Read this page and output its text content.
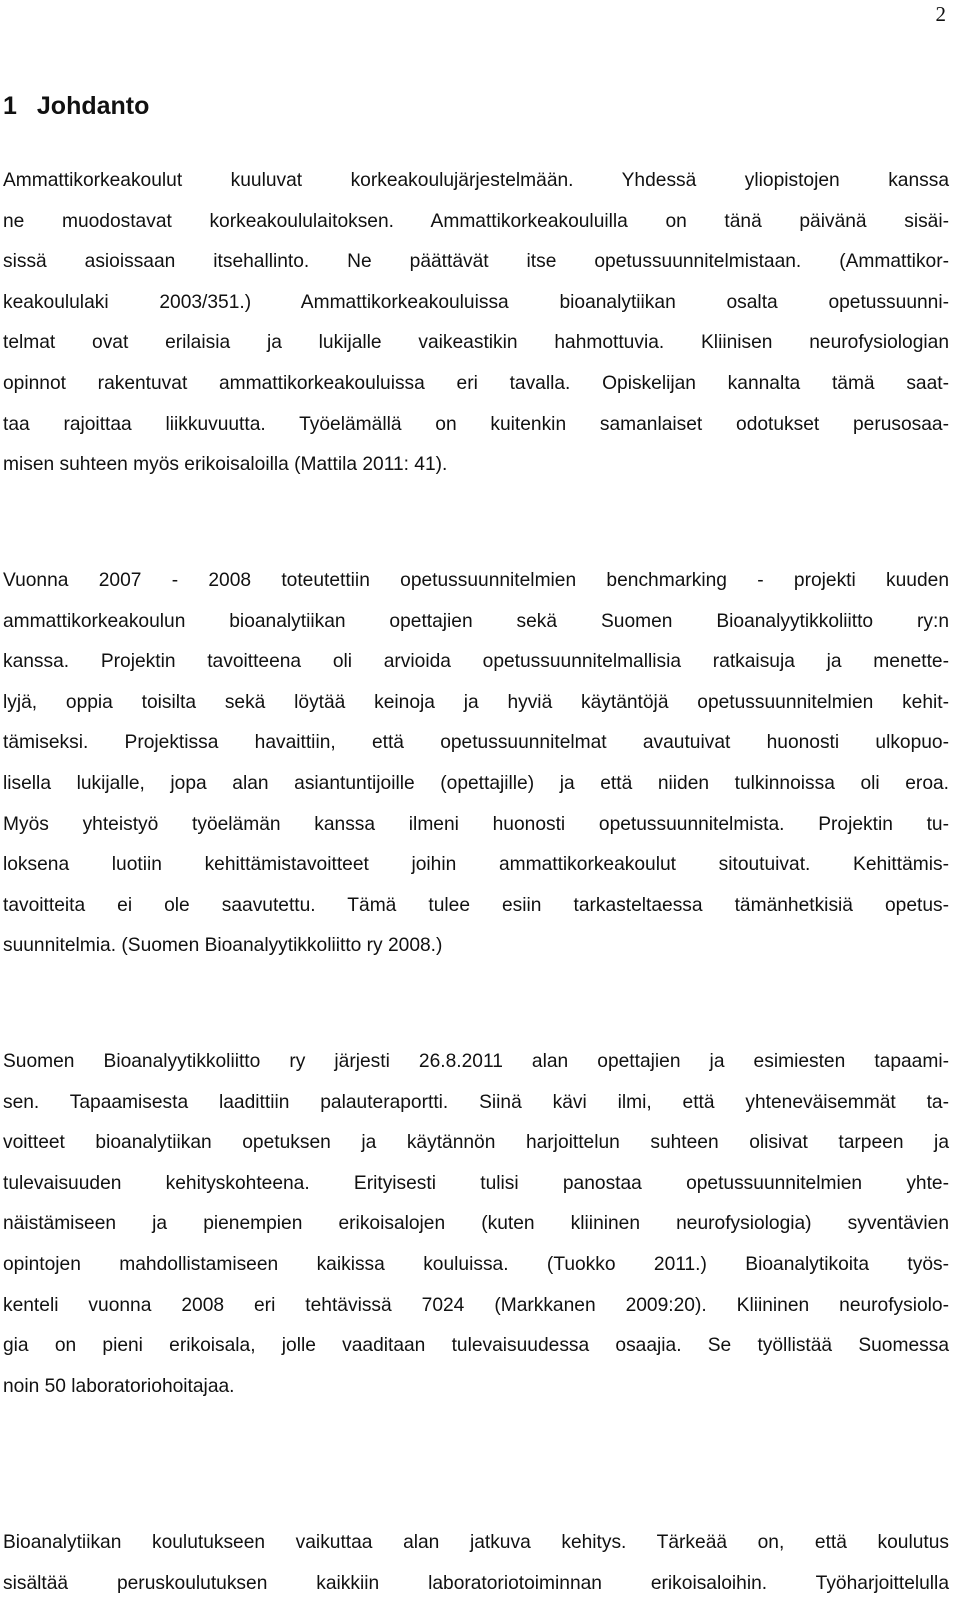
2
1 Johdanto
Ammattikorkeakoulut kuuluvat korkeakoulujärjestelmään. Yhdessä yliopistojen kanssa
ne muodostavat korkeakoululaitoksen. Ammattikorkeakouluilla on tänä päivänä sisäi-
sissä asioissaan itsehallinto. Ne päättävät itse opetussuunnitelmistaan. (Ammattikor-
keakoululaki 2003/351.) Ammattikorkeakouluissa bioanalytiikan osalta opetussuunni-
telmat ovat erilaisia ja lukijalle vaikeastikin hahmottuvia. Kliinisen neurofysiologian
opinnot rakentuvat ammattikorkeakouluissa eri tavalla. Opiskelijan kannalta tämä saat-
taa rajoittaa liikkuvuutta. Työelämällä on kuitenkin samanlaiset odotukset perusosaa-
misen suhteen myös erikoisaloilla (Mattila 2011: 41).
Vuonna 2007 - 2008 toteutettiin opetussuunnitelmien benchmarking - projekti kuuden
ammattikorkeakoulun bioanalytiikan opettajien sekä Suomen Bioanalyytikkoliitto ry:n
kanssa. Projektin tavoitteena oli arvioida opetussuunnitelmallisia ratkaisuja ja menette-
lyjä, oppia toisilta sekä löytää keinoja ja hyviä käytäntöjä opetussuunnitelmien kehit-
tämiseksi. Projektissa havaittiin, että opetussuunnitelmat avautuivat huonosti ulkopuo-
lisella lukijalle, jopa alan asiantuntijoille (opettajille) ja että niiden tulkinnoissa oli eroa.
Myös yhteistyö työelämän kanssa ilmeni huonosti opetussuunnitelmista. Projektin tu-
loksena luotiin kehittämistavoitteet joihin ammattikorkeakoulut sitoutuivat. Kehittämis-
tavoitteita ei ole saavutettu. Tämä tulee esiin tarkasteltaessa tämänhetkisiä opetus-
suunnitelmia. (Suomen Bioanalyytikkoliitto ry 2008.)
Suomen Bioanalyytikkoliitto ry järjesti 26.8.2011 alan opettajien ja esimiesten tapaami-
sen. Tapaamisesta laadittiin palauteraportti. Siinä kävi ilmi, että yhteneväisemmät ta-
voitteet bioanalytiikan opetuksen ja käytännön harjoittelun suhteen olisivat tarpeen ja
tulevaisuuden kehityskohteena. Erityisesti tulisi panostaa opetussuunnitelmien yhte-
näistämiseen ja pienempien erikoisalojen (kuten kliininen neurofysiologia) syventävien
opintojen mahdollistamiseen kaikissa kouluissa. (Tuokko 2011.) Bioanalytikoita työs-
kenteli vuonna 2008 eri tehtävissä 7024 (Markkanen 2009:20). Kliininen neurofysiolo-
gia on pieni erikoisala, jolle vaaditaan tulevaisuudessa osaajia. Se työllistää Suomessa
noin 50 laboratoriohoitajaa.
Bioanalytiikan koulutukseen vaikuttaa alan jatkuva kehitys. Tärkeää on, että koulutus
sisältää peruskoulutuksen kaikkiin laboratoriotoiminnan erikoisaloihin. Työharjoittelulla
